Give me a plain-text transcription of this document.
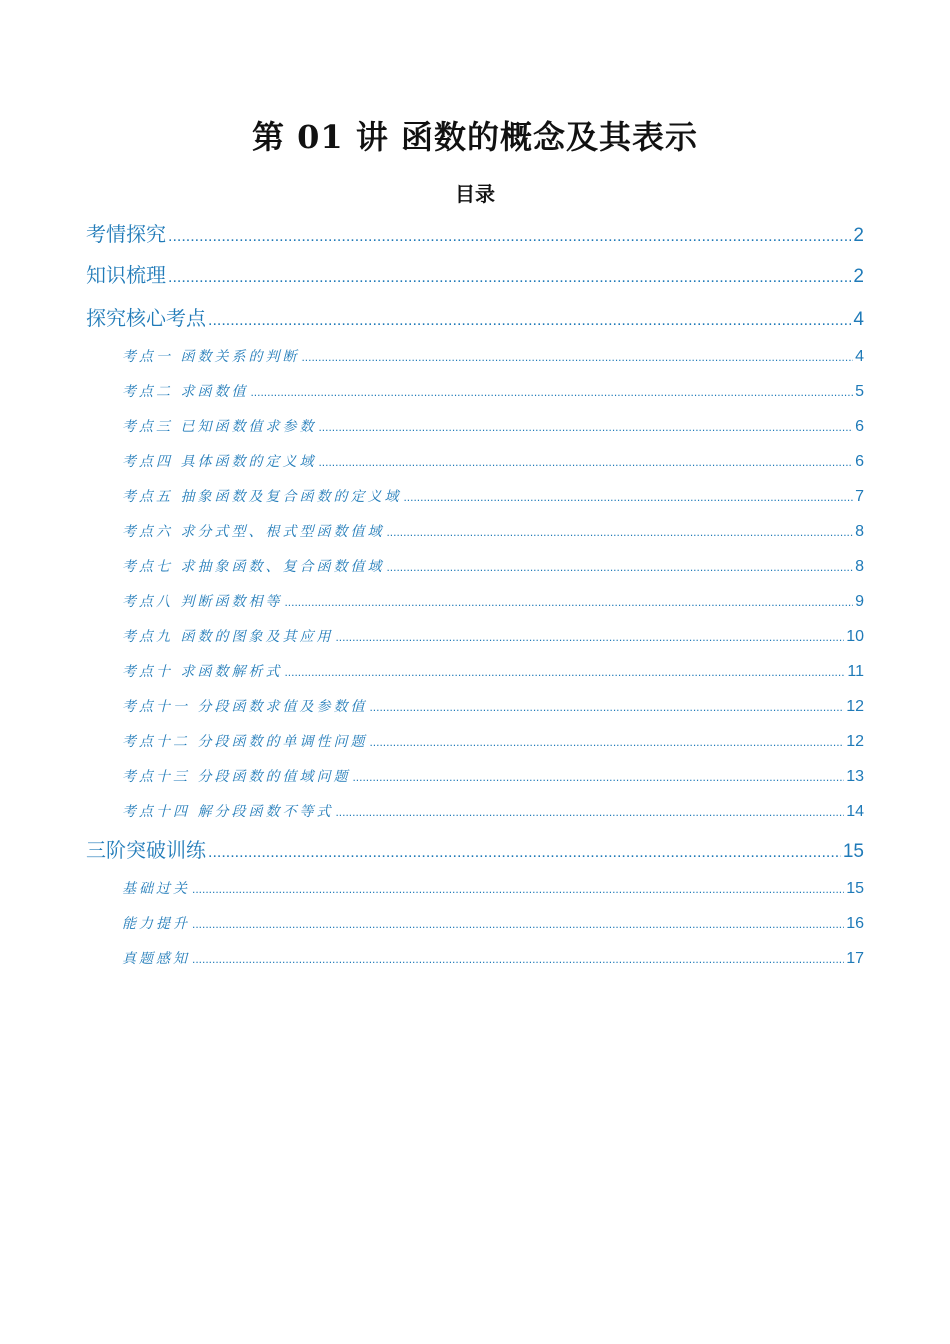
第 01 讲 函数的概念及其表示
目录
考情探究 .....	2
知识梳理 .....	2
探究核心考点 .....	4
考点一 函数关系的判断 .....	4
考点二 求函数值 .....	5
考点三 已知函数值求参数 .....	6
考点四 具体函数的定义域 .....	6
考点五 抽象函数及复合函数的定义域 .....	7
考点六 求分式型、根式型函数值域 .....	8
考点七 求抽象函数、复合函数值域 .....	8
考点八 判断函数相等 .....	9
考点九 函数的图象及其应用 .....	10
考点十 求函数解析式 .....	11
考点十一 分段函数求值及参数值 .....	12
考点十二 分段函数的单调性问题 .....	12
考点十三 分段函数的值域问题 .....	13
考点十四 解分段函数不等式 .....	14
三阶突破训练 .....	15
基础过关 .....	15
能力提升 .....	16
真题感知 .....	17
